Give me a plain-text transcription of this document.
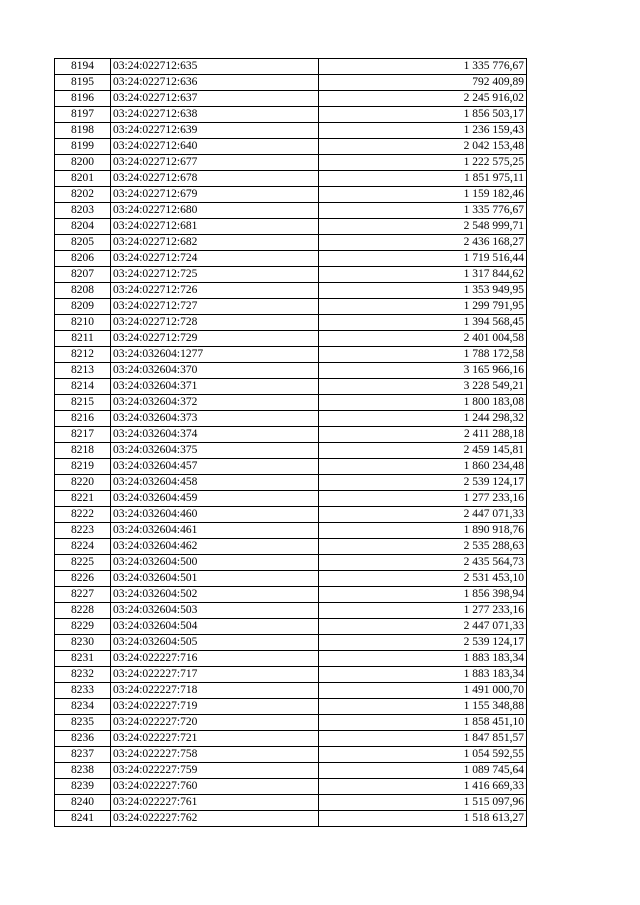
8194	03:24:022712:635	1 335 776,67
8195	03:24:022712:636	792 409,89
8196	03:24:022712:637	2 245 916,02
8197	03:24:022712:638	1 856 503,17
8198	03:24:022712:639	1 236 159,43
8199	03:24:022712:640	2 042 153,48
8200	03:24:022712:677	1 222 575,25
8201	03:24:022712:678	1 851 975,11
8202	03:24:022712:679	1 159 182,46
8203	03:24:022712:680	1 335 776,67
8204	03:24:022712:681	2 548 999,71
8205	03:24:022712:682	2 436 168,27
8206	03:24:022712:724	1 719 516,44
8207	03:24:022712:725	1 317 844,62
8208	03:24:022712:726	1 353 949,95
8209	03:24:022712:727	1 299 791,95
8210	03:24:022712:728	1 394 568,45
8211	03:24:022712:729	2 401 004,58
8212	03:24:032604:1277	1 788 172,58
8213	03:24:032604:370	3 165 966,16
8214	03:24:032604:371	3 228 549,21
8215	03:24:032604:372	1 800 183,08
8216	03:24:032604:373	1 244 298,32
8217	03:24:032604:374	2 411 288,18
8218	03:24:032604:375	2 459 145,81
8219	03:24:032604:457	1 860 234,48
8220	03:24:032604:458	2 539 124,17
8221	03:24:032604:459	1 277 233,16
8222	03:24:032604:460	2 447 071,33
8223	03:24:032604:461	1 890 918,76
8224	03:24:032604:462	2 535 288,63
8225	03:24:032604:500	2 435 564,73
8226	03:24:032604:501	2 531 453,10
8227	03:24:032604:502	1 856 398,94
8228	03:24:032604:503	1 277 233,16
8229	03:24:032604:504	2 447 071,33
8230	03:24:032604:505	2 539 124,17
8231	03:24:022227:716	1 883 183,34
8232	03:24:022227:717	1 883 183,34
8233	03:24:022227:718	1 491 000,70
8234	03:24:022227:719	1 155 348,88
8235	03:24:022227:720	1 858 451,10
8236	03:24:022227:721	1 847 851,57
8237	03:24:022227:758	1 054 592,55
8238	03:24:022227:759	1 089 745,64
8239	03:24:022227:760	1 416 669,33
8240	03:24:022227:761	1 515 097,96
8241	03:24:022227:762	1 518 613,27
